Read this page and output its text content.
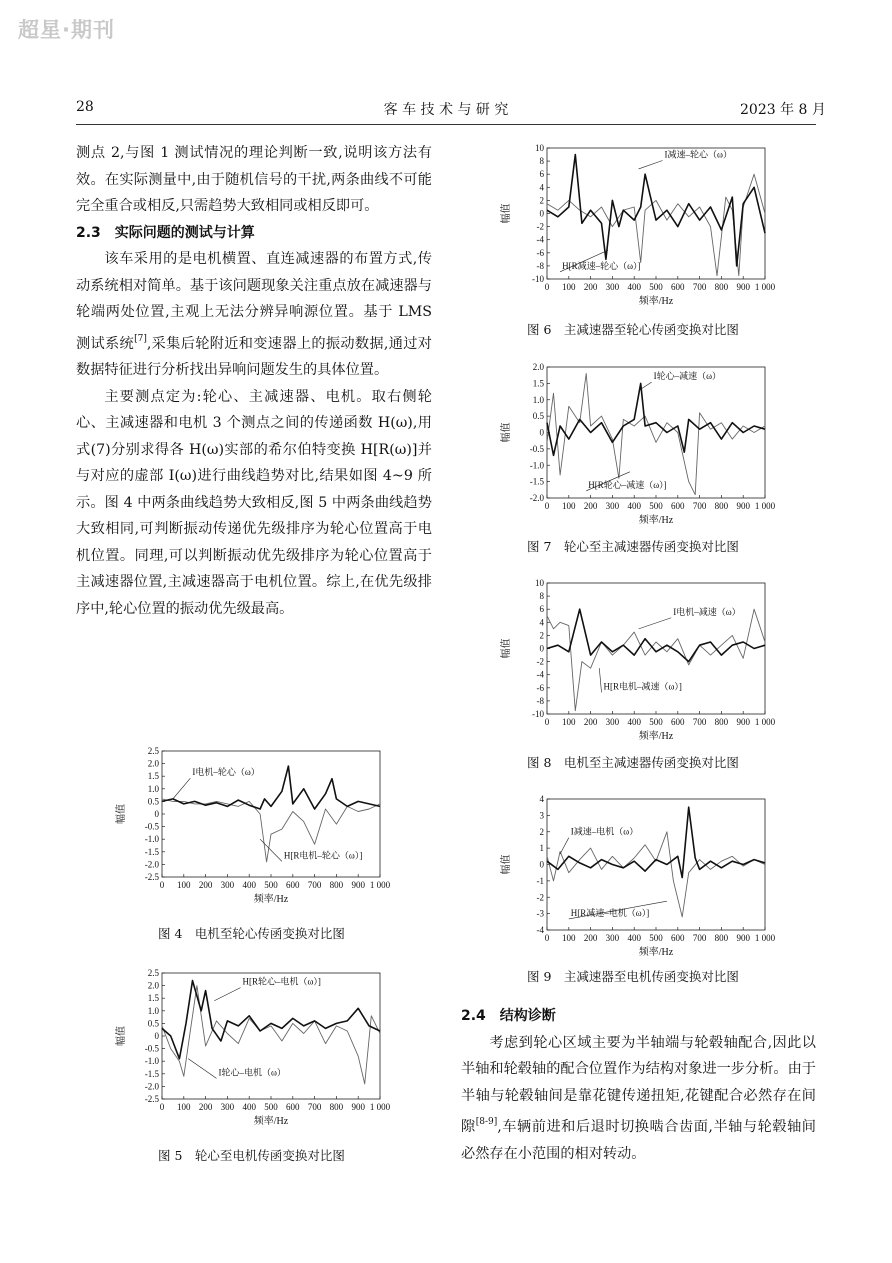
超星·期刊
28	客 车 技 术 与 研 究	2023 年 8 月

测点 2,与图 1 测试情况的理论判断一致,说明该方法有效。在实际测量中,由于随机信号的干扰,两条曲线不可能完全重合或相反,只需趋势大致相同或相反即可。

2.3　实际问题的测试与计算

该车采用的是电机横置、直连减速器的布置方式,传动系统相对简单。基于该问题现象关注重点放在减速器与轮端两处位置,主观上无法分辨异响源位置。基于 LMS 测试系统[7],采集后轮附近和变速器上的振动数据,通过对数据特征进行分析找出异响问题发生的具体位置。

主要测点定为:轮心、主减速器、电机。取右侧轮心、主减速器和电机 3 个测点之间的传递函数 H(ω),用式(7)分别求得各 H(ω)实部的希尔伯特变换 H[R(ω)]并与对应的虚部 I(ω)进行曲线趋势对比,结果如图 4~9 所示。图 4 中两条曲线趋势大致相反,图 5 中两条曲线趋势大致相同,可判断振动传递优先级排序为轮心位置高于电机位置。同理,可以判断振动优先级排序为轮心位置高于主减速器位置,主减速器高于电机位置。综上,在优先级排序中,轮心位置的振动优先级最高。

2.4　结构诊断

考虑到轮心区域主要为半轴端与轮毂轴配合,因此以半轴和轮毂轴的配合位置作为结构对象进一步分析。由于半轴与轮毂轴间是靠花键传递扭矩,花键配合必然存在间隙[8-9],车辆前进和后退时切换啮合齿面,半轴与轮毂轴间必然存在小范围的相对转动。

2.5
2.0
1.5
1.0
0.5
0
-0.5
-1.0
-1.5
-2.0
-2.5
0 100 200 300 400 500 600 700 800 900 1 000
频率/Hz
幅值
I电机–轮心（ω）
H[R电机–轮心（ω）]
图 4　电机至轮心传函变换对比图
2.5
2.0
1.5
1.0
0.5
0
-0.5
-1.0
-1.5
-2.0
-2.5
0 100 200 300 400 500 600 700 800 900 1 000
频率/Hz
幅值
H[R轮心–电机（ω）]
I轮心–电机（ω）
图 5　轮心至电机传函变换对比图
10
8
6
4
2
0
-2
-4
-6
-8
-10
0 100 200 300 400 500 600 700 800 900 1 000
频率/Hz
幅值
I减速–轮心（ω）
H[R减速–轮心（ω）]
图 6　主减速器至轮心传函变换对比图
2.0
1.5
1.0
0.5
0
-0.5
-1.0
-1.5
-2.0
0 100 200 300 400 500 600 700 800 900 1 000
频率/Hz
幅值
I轮心–减速（ω）
H[R轮心–减速（ω）]
图 7　轮心至主减速器传函变换对比图
10
8
6
4
2
0
-2
-4
-6
-8
-10
0 100 200 300 400 500 600 700 800 900 1 000
频率/Hz
幅值
I电机–减速（ω）
H[R电机–减速（ω）]
图 8　电机至主减速器传函变换对比图
4
3
2
1
0
-1
-2
-3
-4
0 100 200 300 400 500 600 700 800 900 1 000
频率/Hz
幅值
I减速–电机（ω）
H[R减速–电机（ω）]
图 9　主减速器至电机传函变换对比图
